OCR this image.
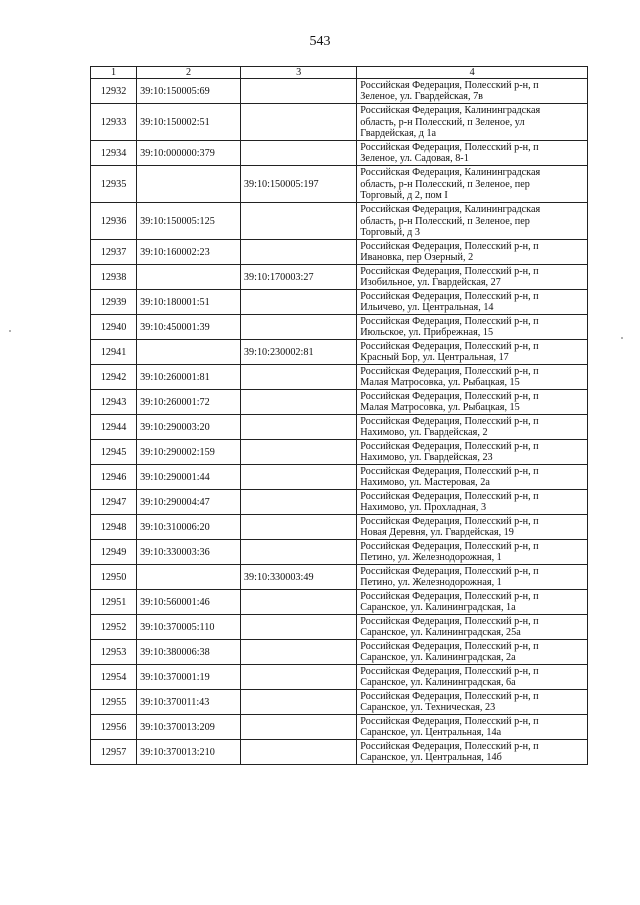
543
1	2	3	4
12932	39:10:150005:69		Российская Федерация, Полесский р-н, п
Зеленое, ул. Гвардейская, 7в
12933	39:10:150002:51		Российская Федерация, Калининградская
область, р-н Полесский, п Зеленое, ул
Гвардейская, д 1а
12934	39:10:000000:379		Российская Федерация, Полесский р-н, п
Зеленое, ул. Садовая, 8-1
12935		39:10:150005:197	Российская Федерация, Калининградская
область, р-н Полесский, п Зеленое, пер
Торговый, д 2, пом I
12936	39:10:150005:125		Российская Федерация, Калининградская
область, р-н Полесский, п Зеленое, пер
Торговый, д 3
12937	39:10:160002:23		Российская Федерация, Полесский р-н, п
Ивановка, пер Озерный, 2
12938		39:10:170003:27	Российская Федерация, Полесский р-н, п
Изобильное, ул. Гвардейская, 27
12939	39:10:180001:51		Российская Федерация, Полесский р-н, п
Ильичево, ул. Центральная, 14
12940	39:10:450001:39		Российская Федерация, Полесский р-н, п
Июльское, ул. Прибрежная, 15
12941		39:10:230002:81	Российская Федерация, Полесский р-н, п
Красный Бор, ул. Центральная, 17
12942	39:10:260001:81		Российская Федерация, Полесский р-н, п
Малая Матросовка, ул. Рыбацкая, 15
12943	39:10:260001:72		Российская Федерация, Полесский р-н, п
Малая Матросовка, ул. Рыбацкая, 15
12944	39:10:290003:20		Российская Федерация, Полесский р-н, п
Нахимово, ул. Гвардейская, 2
12945	39:10:290002:159		Российская Федерация, Полесский р-н, п
Нахимово, ул. Гвардейская, 23
12946	39:10:290001:44		Российская Федерация, Полесский р-н, п
Нахимово, ул. Мастеровая, 2а
12947	39:10:290004:47		Российская Федерация, Полесский р-н, п
Нахимово, ул. Прохладная, 3
12948	39:10:310006:20		Российская Федерация, Полесский р-н, п
Новая Деревня, ул. Гвардейская, 19
12949	39:10:330003:36		Российская Федерация, Полесский р-н, п
Петино, ул. Железнодорожная, 1
12950		39:10:330003:49	Российская Федерация, Полесский р-н, п
Петино, ул. Железнодорожная, 1
12951	39:10:560001:46		Российская Федерация, Полесский р-н, п
Саранское, ул. Калининградская, 1а
12952	39:10:370005:110		Российская Федерация, Полесский р-н, п
Саранское, ул. Калининградская, 25а
12953	39:10:380006:38		Российская Федерация, Полесский р-н, п
Саранское, ул. Калининградская, 2а
12954	39:10:370001:19		Российская Федерация, Полесский р-н, п
Саранское, ул. Калининградская, 6а
12955	39:10:370011:43		Российская Федерация, Полесский р-н, п
Саранское, ул. Техническая, 23
12956	39:10:370013:209		Российская Федерация, Полесский р-н, п
Саранское, ул. Центральная, 14а
12957	39:10:370013:210		Российская Федерация, Полесский р-н, п
Саранское, ул. Центральная, 14б
